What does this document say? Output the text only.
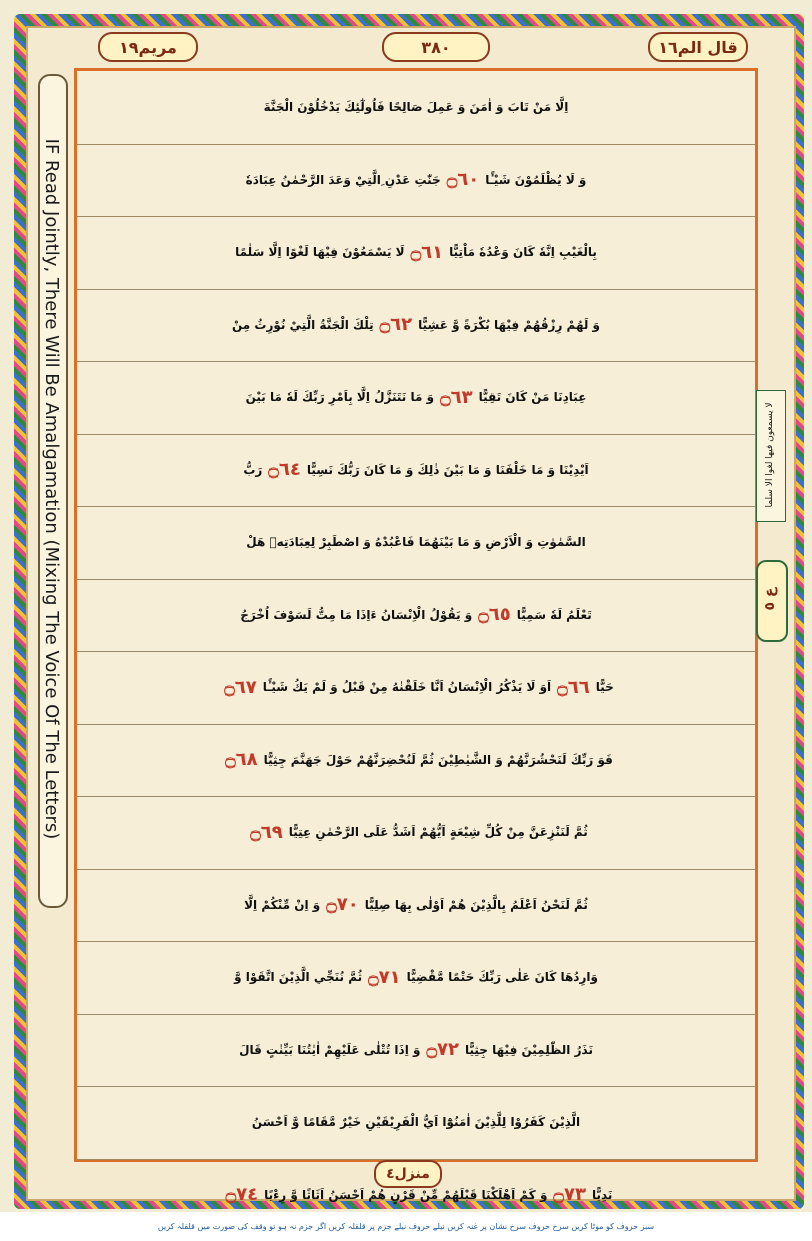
قال الم١٦
٣٨٠
مريم١٩
IF Read Jointly, There Will Be Amalgamation (Mixing The Voice Of The Letters)
اِلَّا مَنْ تَابَ وَ اٰمَنَ وَ عَمِلَ صَالِحًا فَاُولٰٓئِكَ يَدْخُلُوْنَ الْجَنَّةَ
وَ لَا يُظْلَمُوْنَ شَيْـًٔا
۝٦٠
جَنّٰتِ عَدْنِ ِالَّتِيْ وَعَدَ الرَّحْمٰنُ عِبَادَهٗ
بِالْغَيْبِ اِنَّهٗ كَانَ وَعْدُهٗ مَاْتِيًّا
۝٦١
لَا يَسْمَعُوْنَ فِيْهَا لَغْوًا اِلَّا سَلٰمًا
وَ لَهُمْ رِزْقُهُمْ فِيْهَا بُكْرَةً وَّ عَشِيًّا
۝٦٢
تِلْكَ الْجَنَّةُ الَّتِيْ نُوْرِثُ مِنْ
عِبَادِنَا مَنْ كَانَ تَقِيًّا
۝٦٣
وَ مَا نَتَنَزَّلُ اِلَّا بِاَمْرِ رَبِّكَ لَهٗ مَا بَيْنَ
اَيْدِيْنَا وَ مَا خَلْفَنَا وَ مَا بَيْنَ ذٰلِكَ وَ مَا كَانَ رَبُّكَ نَسِيًّا
۝٦٤
رَبُّ
السَّمٰوٰتِ وَ الْاَرْضِ وَ مَا بَيْنَهُمَا فَاعْبُدْهُ وَ اصْطَبِرْ لِعِبَادَتِهٖ هَلْ
تَعْلَمُ لَهٗ سَمِيًّا
۝٦٥
وَ يَقُوْلُ الْاِنْسَانُ ءَاِذَا مَا مِتُّ لَسَوْفَ اُخْرَجُ
حَيًّا
۝٦٦
اَوَ لَا يَذْكُرُ الْاِنْسَانُ اَنَّا خَلَقْنٰهُ مِنْ قَبْلُ وَ لَمْ يَكُ شَيْـًٔا
۝٦٧
فَوَ رَبِّكَ لَنَحْشُرَنَّهُمْ وَ الشَّيٰطِيْنَ ثُمَّ لَنُحْضِرَنَّهُمْ حَوْلَ جَهَنَّمَ جِثِيًّا
۝٦٨
ثُمَّ لَنَنْزِعَنَّ مِنْ كُلِّ شِيْعَةٍ اَيُّهُمْ اَشَدُّ عَلَى الرَّحْمٰنِ عِتِيًّا
۝٦٩
ثُمَّ لَنَحْنُ اَعْلَمُ بِالَّذِيْنَ هُمْ اَوْلٰى بِهَا صِلِيًّا
۝٧٠
وَ اِنْ مِّنْكُمْ اِلَّا
وَارِدُهَا كَانَ عَلٰى رَبِّكَ حَتْمًا مَّقْضِيًّا
۝٧١
ثُمَّ نُنَجِّي الَّذِيْنَ اتَّقَوْا وَّ
نَذَرُ الظّٰلِمِيْنَ فِيْهَا جِثِيًّا
۝٧٢
وَ اِذَا تُتْلٰى عَلَيْهِمْ اٰيٰتُنَا بَيِّنٰتٍ قَالَ
الَّذِيْنَ كَفَرُوْا لِلَّذِيْنَ اٰمَنُوْٓا اَيُّ الْفَرِيْقَيْنِ خَيْرٌ مَّقَامًا وَّ اَحْسَنُ
نَدِيًّا
۝٧٣
وَ كَمْ اَهْلَكْنَا قَبْلَهُمْ مِّنْ قَرْنٍ هُمْ اَحْسَنُ اَثَاثًا وَّ رِءْيًا
۝٧٤
لا يسمعون فيها لغوا الا سلما
ع ٥
منزل٤
سبز حروف کو موٹا کریں سرخ حروف سرخ نشان پر غنہ کریں نیلے حروف نیلے جزم پر قلقلہ کریں اگر جزم نہ ہو تو وقف کی صورت میں قلقلہ کریں
